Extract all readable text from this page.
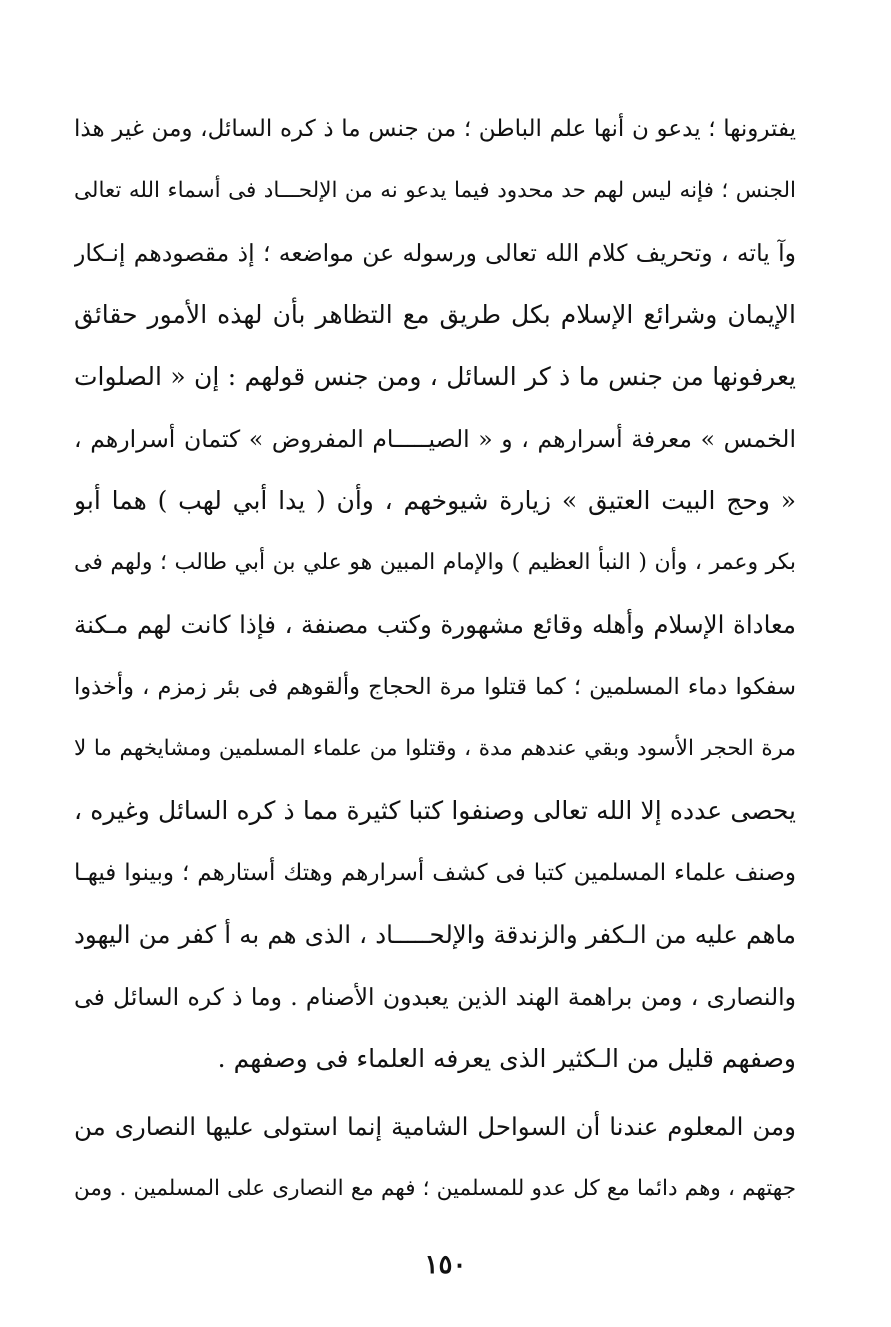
يفترونها ؛ يدعو ن أنها علم الباطن ؛ من جنس ما ذ كره السائل، ومن غير هذا
الجنس ؛ فإنه ليس لهم حد محدود فيما يدعو نه من الإلحـــاد فى أسماء الله تعالى
وآ ياته ، وتحريف كلام الله تعالى ورسوله عن مواضعه ؛ إذ مقصودهم إنـكار
الإيمان وشرائع الإسلام بكل طريق مع التظاهر بأن لهذه الأمور حقائق
يعرفونها من جنس ما ذ كر السائل ، ومن جنس قولهم : إن « الصلوات
الخمس » معرفة أسرارهم ، و « الصيـــــام المفروض » كتمان أسرارهم ،
« وحج البيت العتيق » زيارة شيوخهم ، وأن ( يدا أبي لهب ) هما أبو
بكر وعمر ، وأن ( النبأ العظيم ) والإمام المبين هو علي بن أبي طالب ؛ ولهم فى
معاداة الإسلام وأهله وقائع مشهورة وكتب مصنفة ، فإذا كانت لهم مـكنة
سفكوا دماء المسلمين ؛ كما قتلوا مرة الحجاج وألقوهم فى بئر زمزم ، وأخذوا
مرة الحجر الأسود وبقي عندهم مدة ، وقتلوا من علماء المسلمين ومشايخهم ما لا
يحصى عدده إلا الله تعالى وصنفوا كتبا كثيرة مما ذ كره السائل وغيره ،
وصنف علماء المسلمين كتبا فى كشف أسرارهم وهتك أستارهم ؛ وبينوا فيهـا
ماهم عليه من الـكفر والزندقة والإلحـــــاد ، الذى هم به أ كفر من اليهود
والنصارى ، ومن براهمة الهند الذين يعبدون الأصنام . وما ذ كره السائل فى
وصفهم قليل من الـكثير الذى يعرفه العلماء فى وصفهم .
ومن المعلوم عندنا أن السواحل الشامية إنما استولى عليها النصارى من
جهتهم ، وهم دائما مع كل عدو للمسلمين ؛ فهم مع النصارى على المسلمين . ومن
١٥٠
